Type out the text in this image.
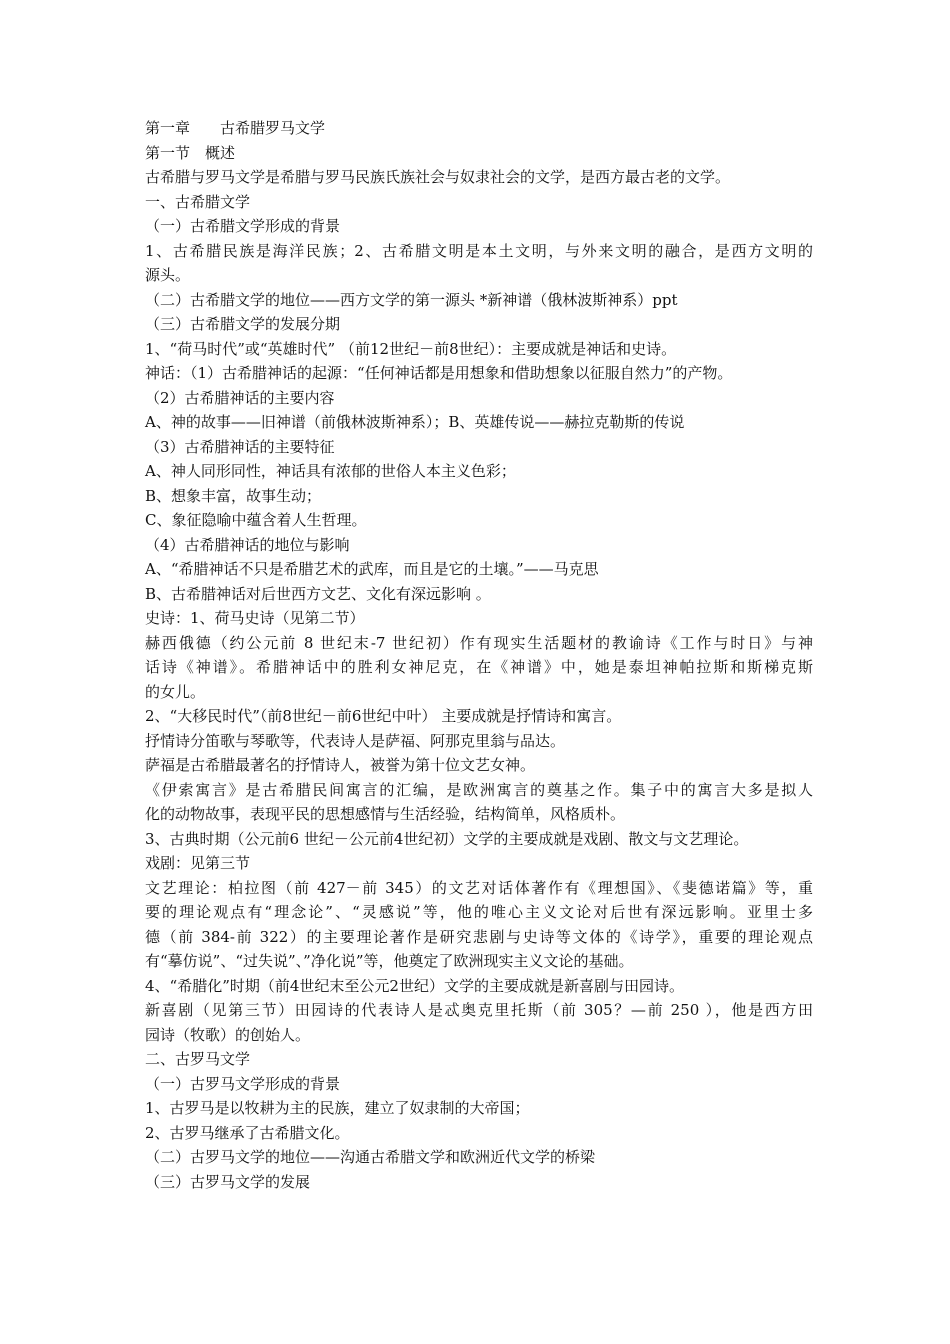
第一章　　古希腊罗马文学
第一节　概述
古希腊与罗马文学是希腊与罗马民族氏族社会与奴隶社会的文学，是西方最古老的文学。
一、古希腊文学
（一）古希腊文学形成的背景
1、古希腊民族是海洋民族；2、古希腊文明是本土文明，与外来文明的融合，是西方文明的
源头。
（二）古希腊文学的地位——西方文学的第一源头 *新神谱（俄林波斯神系）ppt
（三）古希腊文学的发展分期
1、“荷马时代”或“英雄时代” （前12世纪－前8世纪）：主要成就是神话和史诗。
神话：（1）古希腊神话的起源：“任何神话都是用想象和借助想象以征服自然力”的产物。
（2）古希腊神话的主要内容
A、神的故事——旧神谱（前俄林波斯神系）；B、英雄传说——赫拉克勒斯的传说
（3）古希腊神话的主要特征
A、神人同形同性，神话具有浓郁的世俗人本主义色彩；
B、想象丰富，故事生动；
C、象征隐喻中蕴含着人生哲理。
（4）古希腊神话的地位与影响
A、“希腊神话不只是希腊艺术的武库，而且是它的土壤。”——马克思
B、古希腊神话对后世西方文艺、文化有深远影响 。
史诗：1、荷马史诗（见第二节）
赫西俄德（约公元前 8 世纪末-7 世纪初）作有现实生活题材的教谕诗《工作与时日》与神
话诗《神谱》。希腊神话中的胜利女神尼克，在《神谱》中，她是泰坦神帕拉斯和斯梯克斯
的女儿。
2、“大移民时代”（前8世纪－前6世纪中叶） 主要成就是抒情诗和寓言。
抒情诗分笛歌与琴歌等，代表诗人是萨福、阿那克里翁与品达。
萨福是古希腊最著名的抒情诗人，被誉为第十位文艺女神。
《伊索寓言》是古希腊民间寓言的汇编，是欧洲寓言的奠基之作。集子中的寓言大多是拟人
化的动物故事，表现平民的思想感情与生活经验，结构简单，风格质朴。
3、古典时期（公元前6 世纪－公元前4世纪初）文学的主要成就是戏剧、散文与文艺理论。
戏剧：见第三节
文艺理论：柏拉图（前 427－前 345）的文艺对话体著作有《理想国》、《斐德诺篇》等，重
要的理论观点有“理念论”、“灵感说”等，他的唯心主义文论对后世有深远影响。亚里士多
德（前 384-前 322）的主要理论著作是研究悲剧与史诗等文体的《诗学》，重要的理论观点
有“摹仿说”、“过失说”、”净化说”等，他奠定了欧洲现实主义文论的基础。
4、“希腊化”时期（前4世纪末至公元2世纪）文学的主要成就是新喜剧与田园诗。
新喜剧（见第三节）田园诗的代表诗人是忒奥克里托斯（前 305？—前 250 ），他是西方田
园诗（牧歌）的创始人。
二、古罗马文学
（一）古罗马文学形成的背景
1、古罗马是以牧耕为主的民族，建立了奴隶制的大帝国；
2、古罗马继承了古希腊文化。
（二）古罗马文学的地位——沟通古希腊文学和欧洲近代文学的桥梁
（三）古罗马文学的发展
